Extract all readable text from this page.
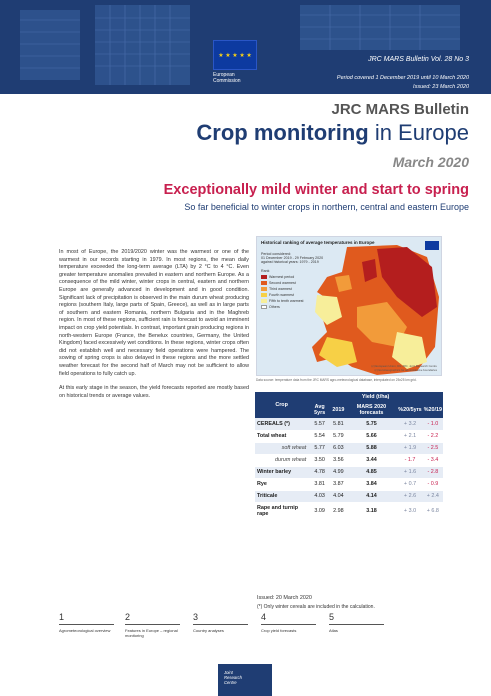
★ ★ ★ ★ ★
European
Commission
JRC MARS Bulletin Vol. 28 No 3
Period covered 1 December 2019 until 10 March 2020
Issued: 23 March 2020
JRC MARS Bulletin
Crop monitoring in Europe
March 2020
Exceptionally mild winter and start to spring
So far beneficial to winter crops in northern, central and eastern Europe

In most of Europe, the 2019/2020 winter was the warmest or one of the warmest in our records starting in 1979. In most regions, the mean daily temperature exceeded the long-term average (LTA) by 2 °C to 4 °C. Even greater temperature anomalies prevailed in eastern and northern Europe. As a consequence of the mild winter, winter crops in central, eastern and northern Europe are generally advanced in development and in good condition. Significant lack of precipitation is observed in the main durum wheat producing regions (southern Italy, large parts of Spain, Greece), as well as in large parts of southern and eastern Romania, northern Bulgaria and in the Maghreb region. In most of these regions, sufficient rain is forecast to avoid an imminent impact on crop yield potentials. In contrast, important grain producing regions in north-western Europe (France, the Benelux countries, Germany, the United Kingdom) faced excessively wet conditions. In these regions, winter crops often did not establish well and necessary field operations were hampered. The sowing of spring crops is also delayed in these regions and the more settled weather forecast for the second half of March may not be sufficient to allow field operations to fully catch up.

At this early stage in the season, the yield forecasts reported are mostly based on historical trends or average values.

Historical ranking of average temperatures in Europe
Period considered:
01 December 2019 - 29 February 2020
against historical years: 1979 - 2019
Rank
Warmest period
Second warmest
Third warmest
Fourth warmest
Fifth to tenth warmest
Others
(c) European Union, DG JRC, Joint Research Centre
(c) EuroGeographics for administrative boundaries
Data source: temperature data from the JRC MARS agro-meteorological database, interpolated on 25x25 km grid.
Crop	Yield (t/ha)				
	Avg 5yrs	2019	MARS 2020 forecasts	%20/5yrs	%20/19
CEREALS (*)	5.57	5.81	5.75	+ 3.2	- 1.0
Total wheat	5.54	5.79	5.66	+ 2.1	- 2.2
soft wheat	5.77	6.03	5.88	+ 1.9	- 2.5
durum wheat	3.50	3.56	3.44	- 1.7	- 3.4
Winter barley	4.78	4.99	4.85	+ 1.6	- 2.8
Rye	3.81	3.87	3.84	+ 0.7	- 0.9
Triticale	4.03	4.04	4.14	+ 2.6	+ 2.4
Rape and turnip rape	3.09	2.98	3.18	+ 3.0	+ 6.8
Issued: 20 March 2020
(*) Only winter cereals are included in the calculation.
1
Agrometeorological overview
2
Features in Europe – regional monitoring
3
Country analyses
4
Crop yield forecasts
5
Atlas
Joint
Research
Centre
